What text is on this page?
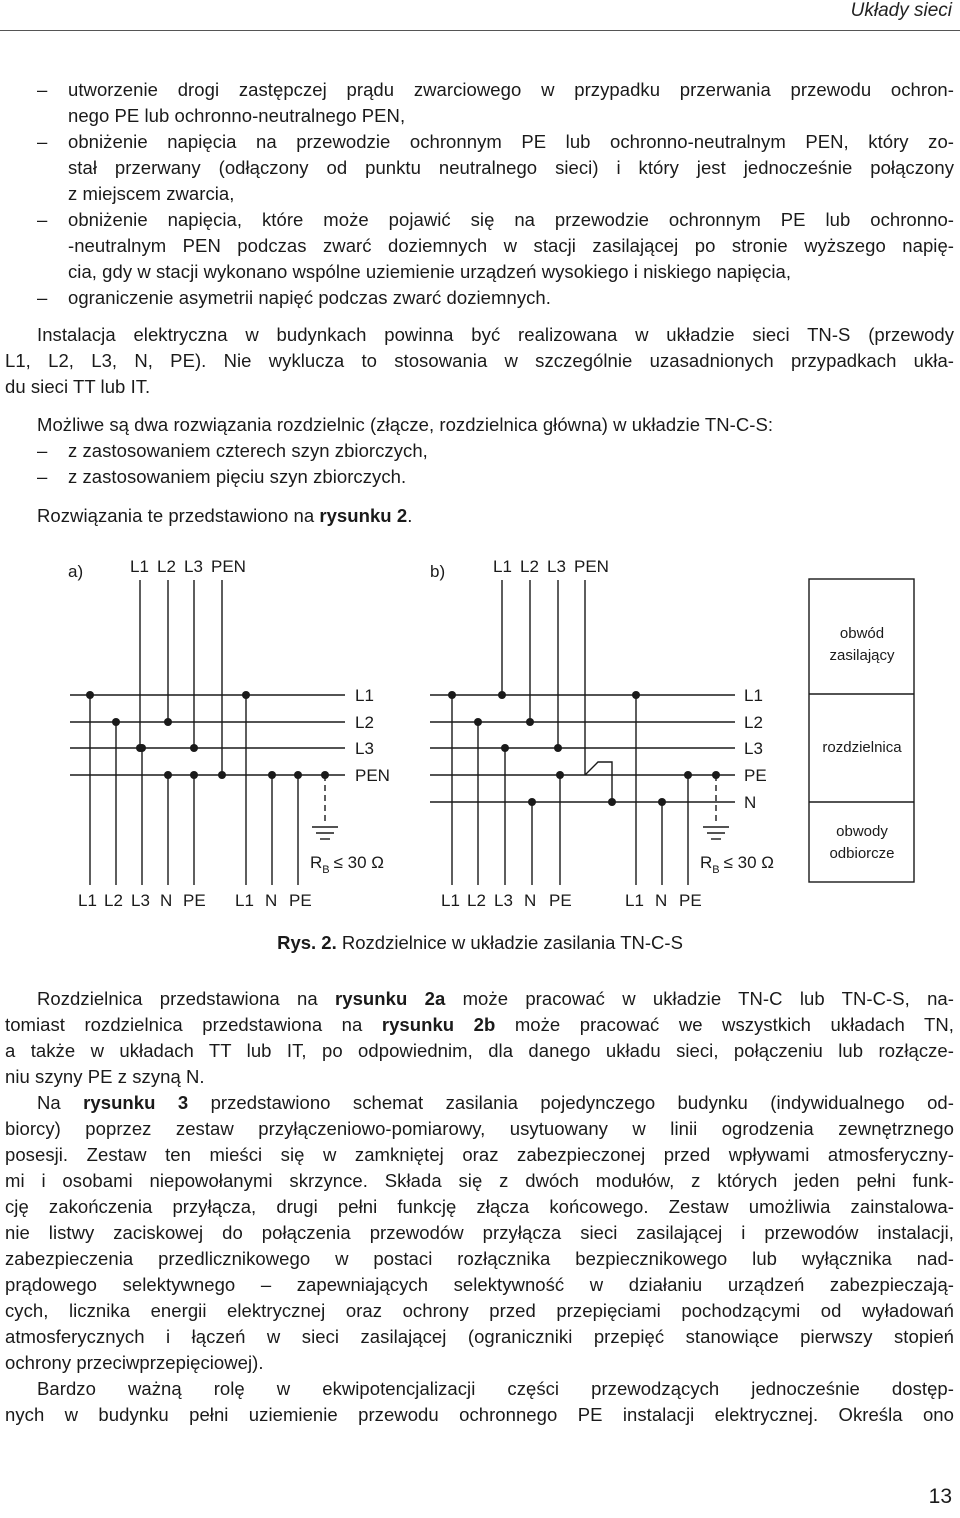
Układy sieci
– utworzenie drogi zastępczej prądu zwarciowego w przypadku przerwania przewodu ochron-
nego PE lub ochronno-neutralnego PEN,
– obniżenie napięcia na przewodzie ochronnym PE lub ochronno-neutralnym PEN, który zo-
stał przerwany (odłączony od punktu neutralnego sieci) i który jest jednocześnie połączony
z miejscem zwarcia,
– obniżenie napięcia, które może pojawić się na przewodzie ochronnym PE lub ochronno-
-neutralnym PEN podczas zwarć doziemnych w stacji zasilającej po stronie wyższego napię-
cia, gdy w stacji wykonano wspólne uziemienie urządzeń wysokiego i niskiego napięcia,
– ograniczenie asymetrii napięć podczas zwarć doziemnych.
Instalacja elektryczna w budynkach powinna być realizowana w układzie sieci TN-S (przewody
L1, L2, L3, N, PE). Nie wyklucza to stosowania w szczególnie uzasadnionych przypadkach ukła-
du sieci TT lub IT.
Możliwe są dwa rozwiązania rozdzielnic (złącze, rozdzielnica główna) w układzie TN-C-S:
– z zastosowaniem czterech szyn zbiorczych,
– z zastosowaniem pięciu szyn zbiorczych.
Rozwiązania te przedstawiono na rysunku 2.
a)	L1 L2 L3 PEN
L1
L2
L3
PEN
$R_B \le 30$ Ω
L1 L2 L3 N PE L1 N PE
b)	L1 L2 L3 PEN
L1
L2
L3
PE
N
$R_B \le 30$ Ω
L1 L2 L3 N PE	L1 N PE
obwód
zasilający
rozdzielnica
obwody
odbiorcze
Rys. 2. Rozdzielnice w układzie zasilania TN-C-S
Rozdzielnica przedstawiona na rysunku 2a może pracować w układzie TN-C lub TN-C-S, na-
tomiast rozdzielnica przedstawiona na rysunku 2b może pracować we wszystkich układach TN,
a także w układach TT lub IT, po odpowiednim, dla danego układu sieci, połączeniu lub rozłącze-
niu szyny PE z szyną N.
Na rysunku 3 przedstawiono schemat zasilania pojedynczego budynku (indywidualnego od-
biorcy) poprzez zestaw przyłączeniowo-pomiarowy, usytuowany w linii ogrodzenia zewnętrznego
posesji. Zestaw ten mieści się w zamkniętej oraz zabezpieczonej przed wpływami atmosferyczny-
mi i osobami niepowołanymi skrzynce. Składa się z dwóch modułów, z których jeden pełni funk-
cję zakończenia przyłącza, drugi pełni funkcję złącza końcowego. Zestaw umożliwia zainstalowa-
nie listwy zaciskowej do połączenia przewodów przyłącza sieci zasilającej i przewodów instalacji,
zabezpieczenia przedlicznikowego w postaci rozłącznika bezpiecznikowego lub wyłącznika nad-
prądowego selektywnego – zapewniających selektywność w działaniu urządzeń zabezpieczają-
cych, licznika energii elektrycznej oraz ochrony przed przepięciami pochodzącymi od wyładowań
atmosferycznych i łączeń w sieci zasilającej (ograniczniki przepięć stanowiące pierwszy stopień
ochrony przeciwprzepięciowej).
Bardzo ważną rolę w ekwipotencjalizacji części przewodzących jednocześnie dostęp-
nych w budynku pełni uziemienie przewodu ochronnego PE instalacji elektrycznej. Określa ono
13
